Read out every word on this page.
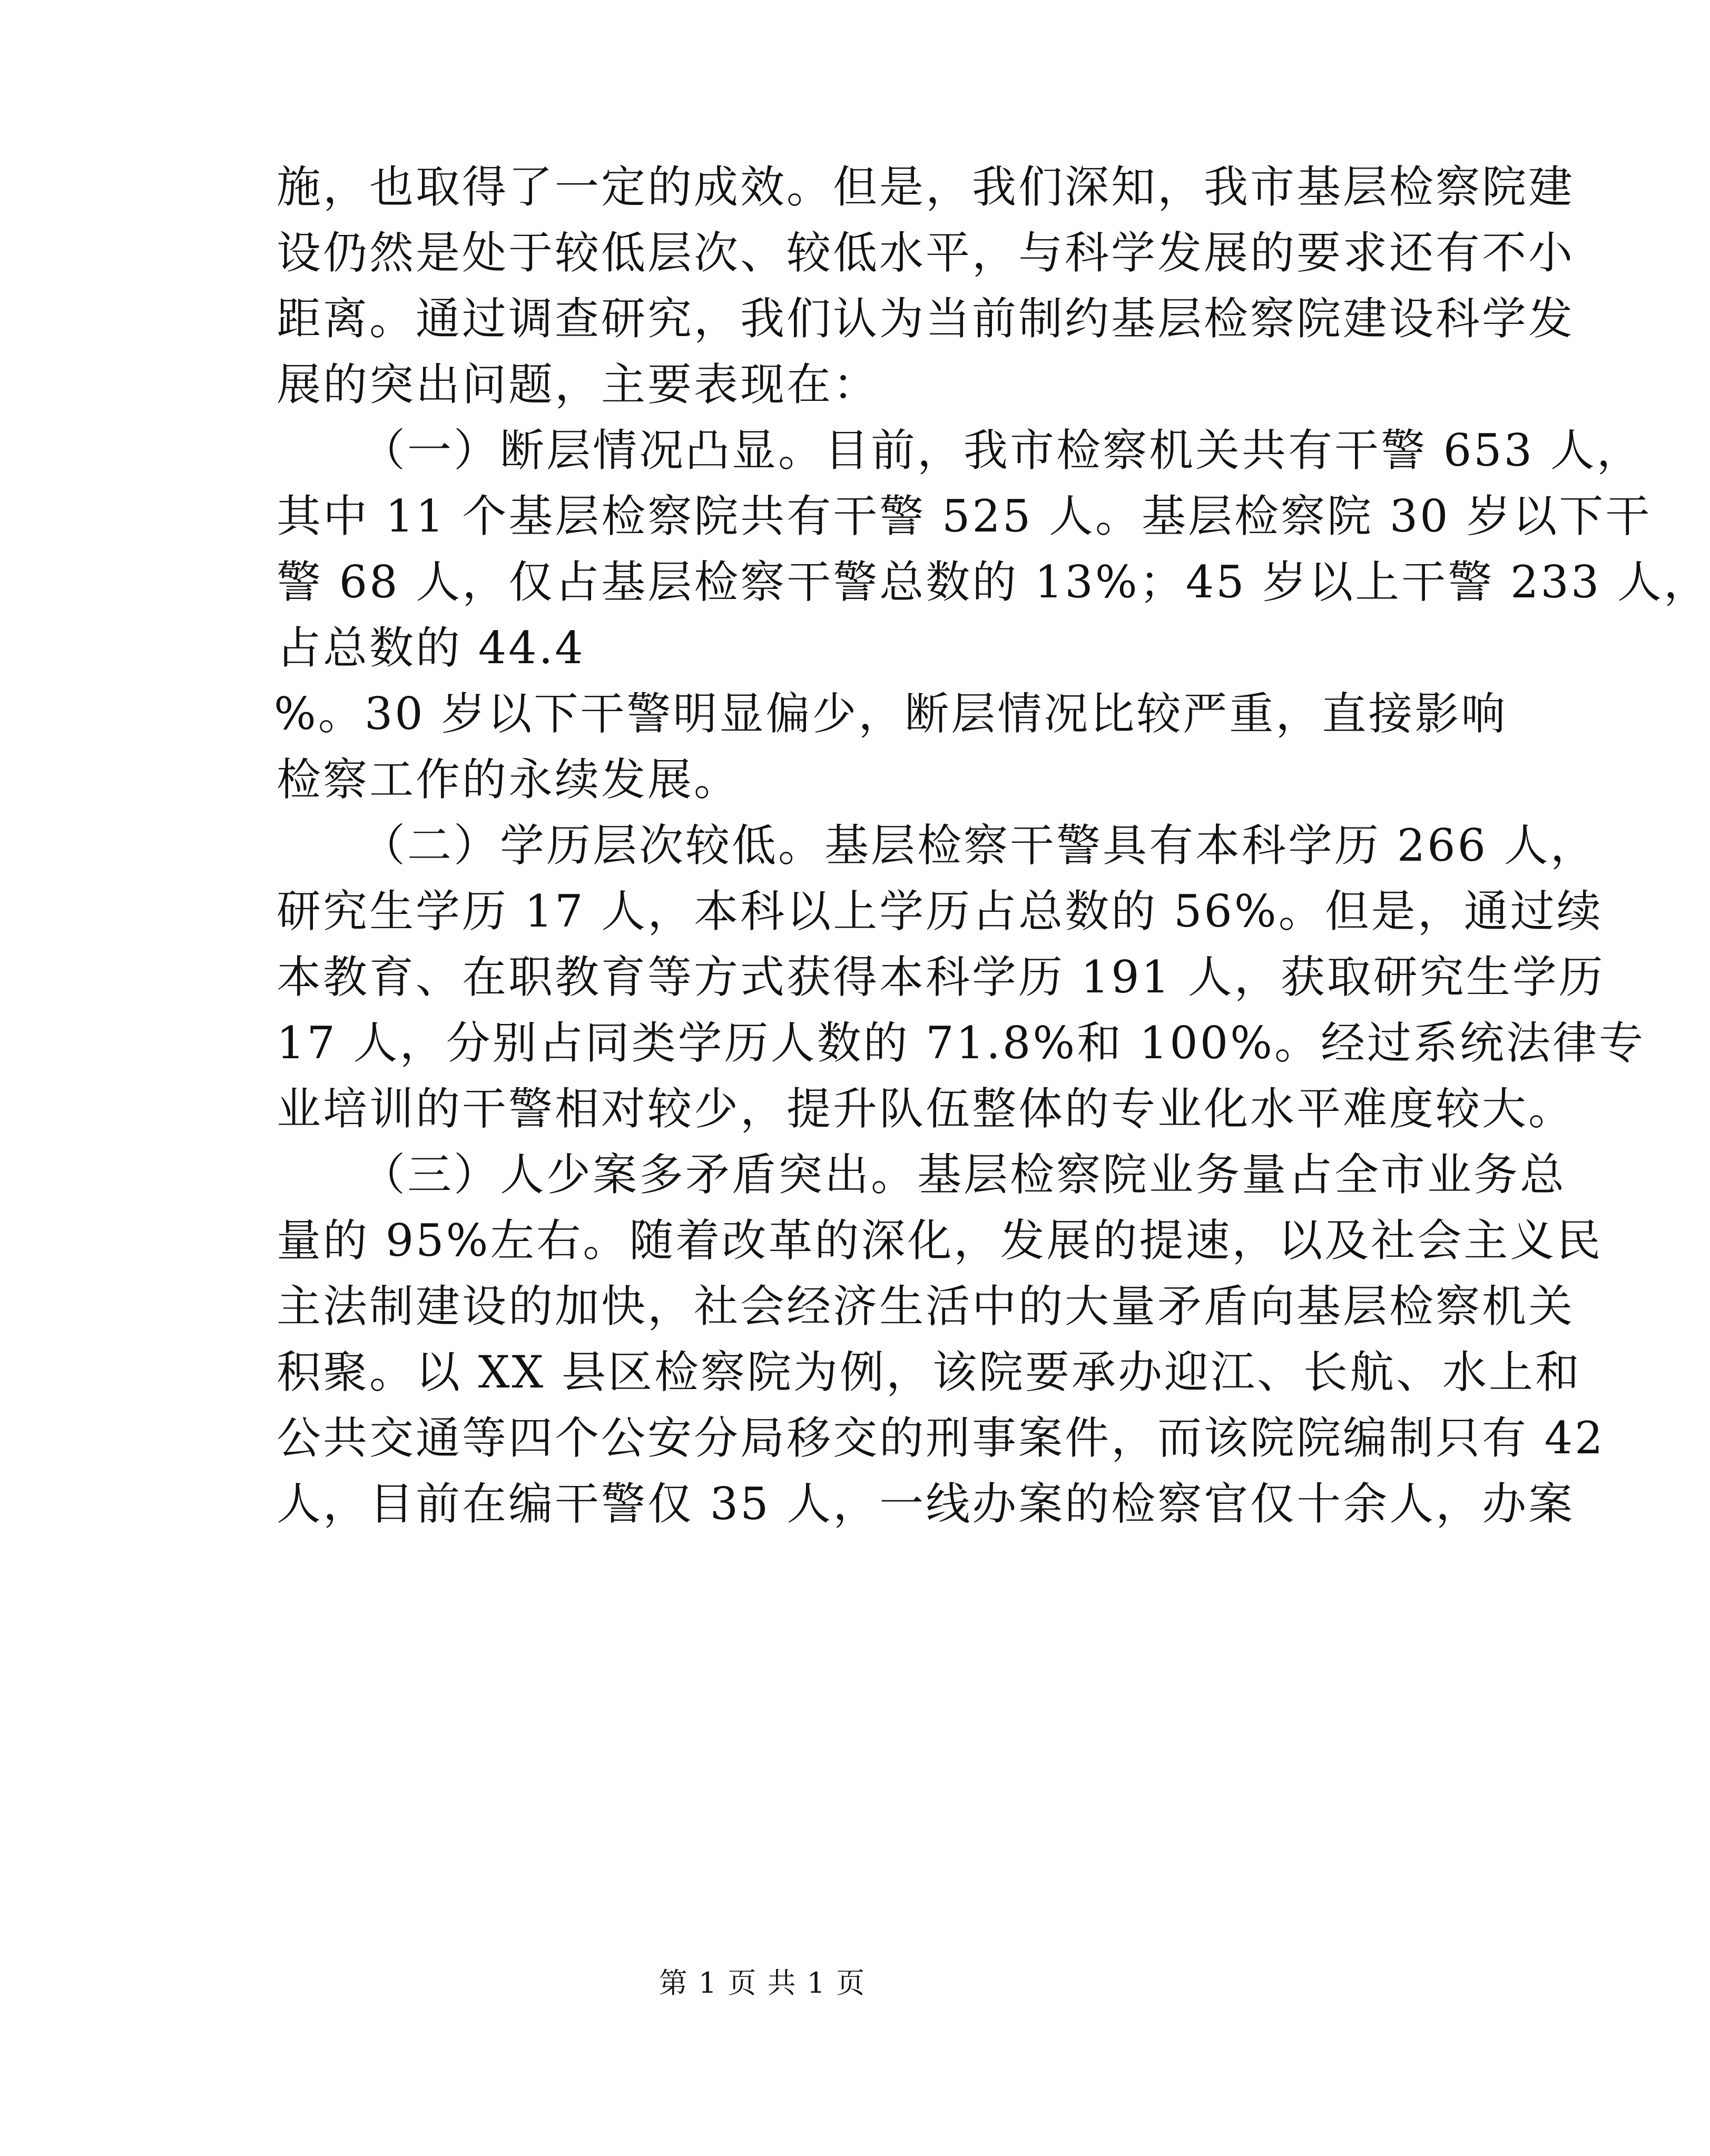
施，也取得了一定的成效。但是，我们深知，我市基层检察院建
设仍然是处于较低层次、较低水平，与科学发展的要求还有不小
距离。通过调查研究，我们认为当前制约基层检察院建设科学发
展的突出问题，主要表现在：
（一）断层情况凸显。目前，我市检察机关共有干警 653 人，
其中 11 个基层检察院共有干警 525 人。基层检察院 30 岁以下干
警 68 人，仅占基层检察干警总数的 13%；45 岁以上干警 233 人，
占总数的 44.4
%。30 岁以下干警明显偏少，断层情况比较严重，直接影响
检察工作的永续发展。
（二）学历层次较低。基层检察干警具有本科学历 266 人，
研究生学历 17 人，本科以上学历占总数的 56%。但是，通过续
本教育、在职教育等方式获得本科学历 191 人，获取研究生学历
17 人，分别占同类学历人数的 71.8%和 100%。经过系统法律专
业培训的干警相对较少，提升队伍整体的专业化水平难度较大。
（三）人少案多矛盾突出。基层检察院业务量占全市业务总
量的 95%左右。随着改革的深化，发展的提速，以及社会主义民
主法制建设的加快，社会经济生活中的大量矛盾向基层检察机关
积聚。以 XX 县区检察院为例，该院要承办迎江、长航、水上和
公共交通等四个公安分局移交的刑事案件，而该院院编制只有 42
人，目前在编干警仅 35 人，一线办案的检察官仅十余人，办案
第 1 页 共 1 页
